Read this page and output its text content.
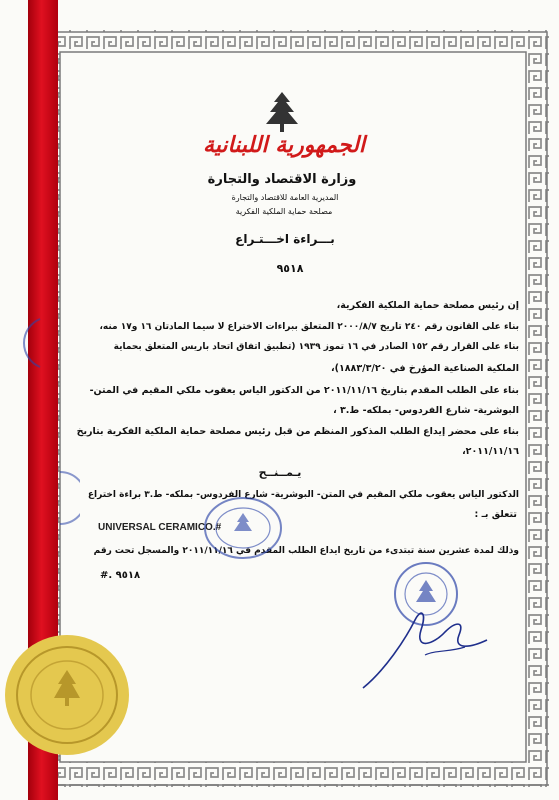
الجمهورية اللبنانية
وزارة الاقتصاد والتجارة
المديرية العامة للاقتصاد والتجارة
مصلحة حماية الملكية الفكرية
بـــراءة اخـــتـراع
٩٥١٨
إن رئيس مصلحة حماية الملكية الفكرية،
بناء على القانون رقم ٢٤٠ تاريخ ٢٠٠٠/٨/٧ المتعلق ببراءات الاختراع لا سيما المادتان ١٦ و١٧ منه،
بناء على القرار رقم ١٥٢ الصادر في ١٦ تموز ١٩٣٩ (تطبيق اتفاق اتحاد باريس المتعلق بحماية
الملكية الصناعية المؤرخ في ١٨٨٣/٣/٢٠)،
بناء على الطلب المقدم بتاريخ ٢٠١١/١١/١٦ من الدكتور الياس يعقوب ملكي المقيم في المتن-
البوشرية- شارع الفردوس- بملكه- ط.٣ ،
بناء على محضر إيداع الطلب المذكور المنظم من قبل رئيس مصلحة حماية الملكية الفكرية بتاريخ
٢٠١١/١١/١٦،
يـمــنــح
الدكتور الياس يعقوب ملكي المقيم في المتن- البوشرية- شارع الفردوس- بملكه- ط.٣ براءة اختراع
تتعلق بـ :
UNIVERSAL CERAMICO.#
وذلك لمدة عشرين سنة تبتدىء من تاريخ ايداع الطلب المقدم في ٢٠١١/١١/١٦ والمسجل تحت رقم
#. ٩٥١٨
